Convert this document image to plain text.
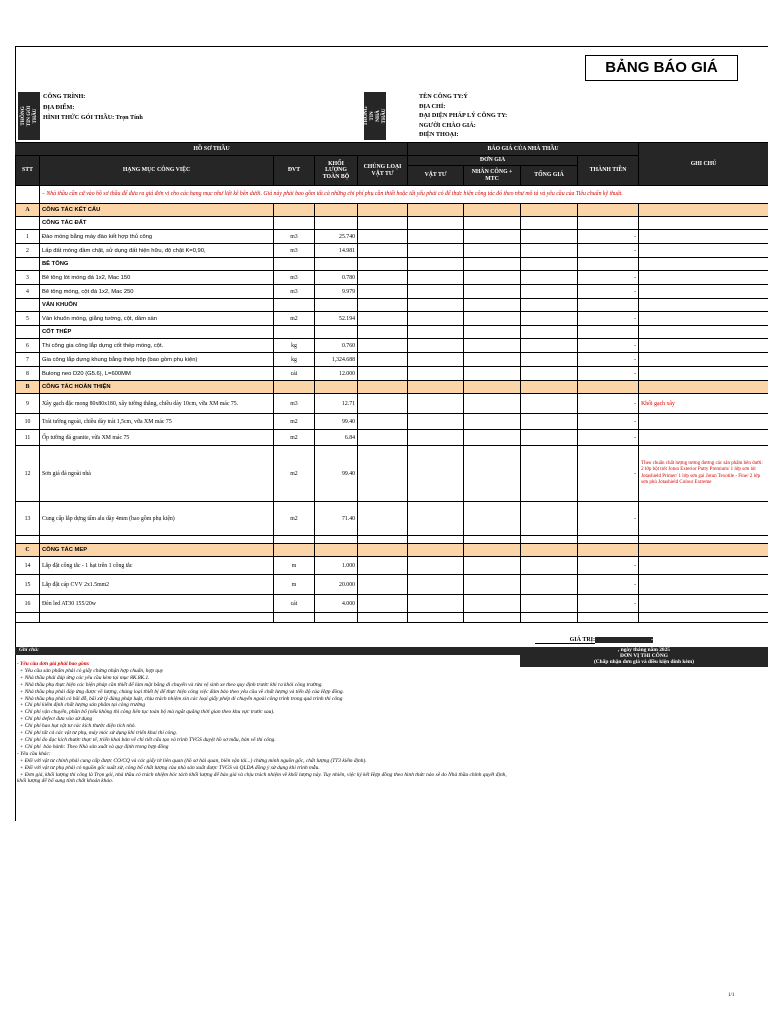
BẢNG BÁO GIÁ
THÔNG TIN GÓI THẦU
CÔNG TRÌNH:
ĐỊA ĐIỂM:
HÌNH THỨC GÓI THẦU: Trọn Tính	THÔNG TIN NHÀ THẦU
TÊN CÔNG TY:Ý
ĐỊA CHỈ:
ĐẠI DIỆN PHÁP LÝ CÔNG TY:
NGƯỜI CHÀO GIÁ:
ĐIỆN THOẠI:
HỒ SƠ THẦU					BÁO GIÁ CỦA NHÀ THẦU				GHI CHÚ
STT	HẠNG MỤC CÔNG VIỆC	ĐVT	KHỐI LƯỢNG TOÀN BỘ	CHỦNG LOẠI VẬT TƯ	ĐƠN GIÁ			THÀNH TIỀN	
					VẬT TƯ	NHÂN CÔNG + MTC	TỔNG GIÁ		
	– Nhà thầu cần cứ vào hồ sơ thầu để đưa ra giá đơn vị cho các hạng mục như liệt kê bên dưới. Giá này phải bao gồm tất cả những chi phí phụ cần thiết hoặc tất yếu phải có để thực hiện công tác đó theo như mô tả và yêu cầu của Tiêu chuẩn kỹ thuật.								
A	CÔNG TÁC KẾT CẤU								
	CÔNG TÁC ĐẤT								
1	Đào móng bằng máy đào kết hợp thủ công	m3	25.740					-	
2	Lấp đất móng đầm chặt, sử dụng đất hiện hữu, độ chặt K=0,90,	m3	14.981					-	
	BÊ TÔNG								
3	Bê tông lót móng đá 1x2, Mac 150	m3	0.780					-	
4	Bê tông móng, cột đá 1x2, Mac 250	m3	9.979					-	
	VÁN KHUÔN								
5	Ván khuôn móng, giằng tường, cột, dầm sàn	m2	52.194					-	
	CỐT THÉP								
6	Thi công gia công lắp dựng cốt thép móng, cột.	kg	0.760					-	
7	Gia công lắp dựng khung bằng thép hộp (bao gồm phụ kiện)	kg	1,324.688					-	
8	Bulong neo D20 (G5.6), L=600MM	cái	12.000					-	
B	CÔNG TÁC HOÀN THIỆN								
9	Xây gạch đặc mong 80x80x180, xây tường thẳng, chiều dày 10cm, vữa XM mác 75.	m3	12.71					-	Khối gạch xây
10	Trát tường ngoài, chiều dày trát 1,5cm, vữa XM mác 75	m2	99.40					-	
11	Ốp tường đá granite, vữa XM mác 75	m2	6.84					-	
12	Sơn giả đá ngoài nhà	m2	99.40					-	Theo chuẩn chất lượng tương đương các sản phẩm bên dưới: 2 lớp bột trét Jotun Exterior Putty Premium/ 1 lớp sơn lót Jotashield Primer/ 1 lớp sơn gai Jotun Texotile - Fine/ 2 lớp sơn phủ Jotashield Colour Extreme
13	Cung cấp lắp dựng tấm alu dày 4mm (bao gồm phụ kiện)	m2	71.40					-	

C	CÔNG TÁC MEP								
14	Lắp đặt công tắc - 1 hạt trên 1 công tắc	m	1.000					-	
15	Lắp đặt cáp CVV 2x1.5mm2	m	20.000					-	
16	Đèn led AT30 155/20w	cái	4.000					-	

GIÁ TRỊ:	-
Ghi chú:	, ngày tháng năm 2025
ĐƠN VỊ THI CÔNG
(Chấp nhận đơn giá và điều kiện đính kèm)
- Yêu cầu đơn giá phải bao gồm:
+ Yêu cầu sản phẩm phải có giấy chứng nhận hợp chuẩn, hợp quy
+ Nhà thầu phải đáp ứng các yêu cầu kèm tại mục 8K.8K.1.
+ Nhà thầu phụ thực hiện các biện pháp cần thiết để làm mặt bằng di chuyển và rửa vệ sinh xe theo quy định trước khi ra khỏi công trường.
+ Nhà thầu phụ phải đáp ứng được về lượng, chủng loại thiết bị để thực hiện công việc đảm bảo theo yêu cầu về chất lượng và tiến độ của Hợp đồng.
+ Nhà thầu phụ phải có bãi đỗ, bãi xử lý đúng pháp luật, chịu trách nhiệm xin các loại giấy phép di chuyển ngoài công trình trong quá trình thi công
+ Chi phí kiểm định chất lượng sản phẩm tại công trường
+ Chi phí vận chuyển, phần bổ (nếu không thi công liên tục toàn bộ mà ngắt quãng thời gian theo khu vực trước sau).
+ Chi phí defect đưa vào sử dụng
+ Chi phí hao hụt vật tư các kích thước diện tích nhỏ.
+ Chi phí tất cả các vật tư phụ, máy móc sử dụng khi triển khai thi công.
+ Chi phí đo đạc kích thước thực tế, triển khai bản vẽ chi tiết cấu tạo và trình TVGS duyệt hồ sơ mẫu, bản vẽ thi công.
+ Chi phí  bảo hành: Theo Nhà sản xuất và quy định trong hợp đồng
- Yêu cầu khác:
+ Đối với vật tư chính phải cung cấp được CO/CQ và các giấy tờ liên quan (hồ sơ hải quan, biên vận tải...) chứng minh nguồn gốc, chất lượng (TT3 kiểm định).
+ Đối với vật tư phụ phải có nguồn gốc xuất xứ, công bố chất lượng của nhà sản xuất được TVGS và QLDA đồng ý sử dụng khi trình mẫu.
+ Đơn giá, khối lượng thi công là Trọn gói, nhà thầu có trách nhiệm bóc tách khối lượng để báo giá và chịu trách nhiệm về khối lượng này. Tuy nhiên, việc ký kết Hợp đồng theo hình thức nào sẽ do Nhà thầu chính quyết định, khối lượng để bổ sung tính chất khoán khảo.
1/1
